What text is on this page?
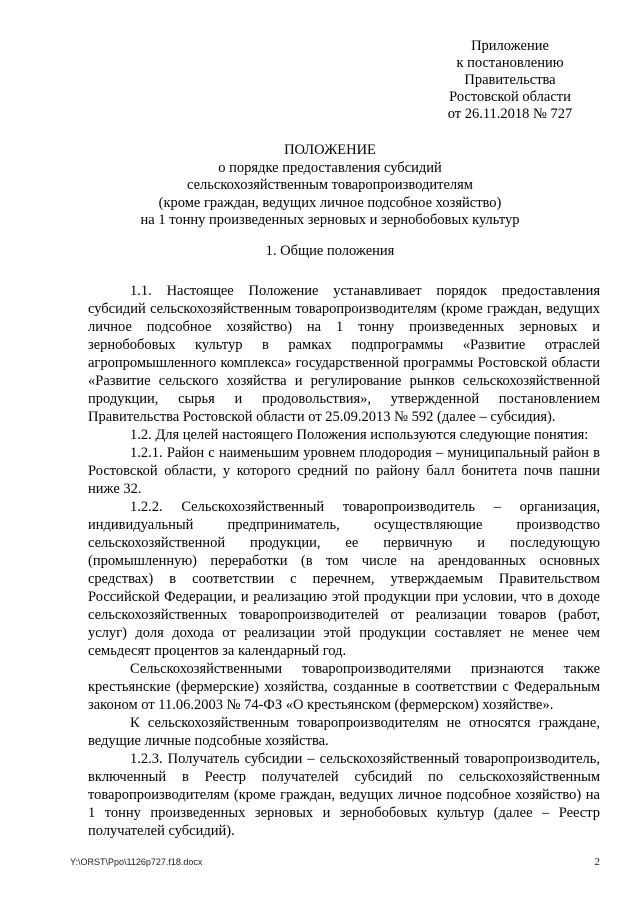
Приложение
к постановлению
Правительства
Ростовской области
от 26.11.2018 № 727
ПОЛОЖЕНИЕ
о порядке предоставления субсидий
сельскохозяйственным товаропроизводителям
(кроме граждан, ведущих личное подсобное хозяйство)
на 1 тонну произведенных зерновых и зернобобовых культур
1. Общие положения

1.1. Настоящее Положение устанавливает порядок предоставления субсидий сельскохозяйственным товаропроизводителям (кроме граждан, ведущих личное подсобное хозяйство) на 1 тонну произведенных зерновых и зернобобовых культур в рамках подпрограммы «Развитие отраслей агропромышленного комплекса» государственной программы Ростовской области «Развитие сельского хозяйства и регулирование рынков сельскохозяйственной продукции, сырья и продовольствия», утвержденной постановлением Правительства Ростовской области от 25.09.2013 № 592 (далее – субсидия).

1.2. Для целей настоящего Положения используются следующие понятия:

1.2.1. Район с наименьшим уровнем плодородия – муниципальный район в Ростовской области, у которого средний по району балл бонитета почв пашни ниже 32.

1.2.2. Сельскохозяйственный товаропроизводитель – организация, индивидуальный предприниматель, осуществляющие производство сельскохозяйственной продукции, ее первичную и последующую (промышленную) переработки (в том числе на арендованных основных средствах) в соответствии с перечнем, утверждаемым Правительством Российской Федерации, и реализацию этой продукции при условии, что в доходе сельскохозяйственных товаропроизводителей от реализации товаров (работ, услуг) доля дохода от реализации этой продукции составляет не менее чем семьдесят процентов за календарный год.

Сельскохозяйственными товаропроизводителями признаются также крестьянские (фермерские) хозяйства, созданные в соответствии с Федеральным законом от 11.06.2003 № 74-ФЗ «О крестьянском (фермерском) хозяйстве».

К сельскохозяйственным товаропроизводителям не относятся граждане, ведущие личные подсобные хозяйства.

1.2.3. Получатель субсидии – сельскохозяйственный товаропроизводитель, включенный в Реестр получателей субсидий по сельскохозяйственным товаропроизводителям (кроме граждан, ведущих личное подсобное хозяйство) на 1 тонну произведенных зерновых и зернобобовых культур (далее – Реестр получателей субсидий).

Y:\ORST\Ppo\1126p727.f18.docx	2
